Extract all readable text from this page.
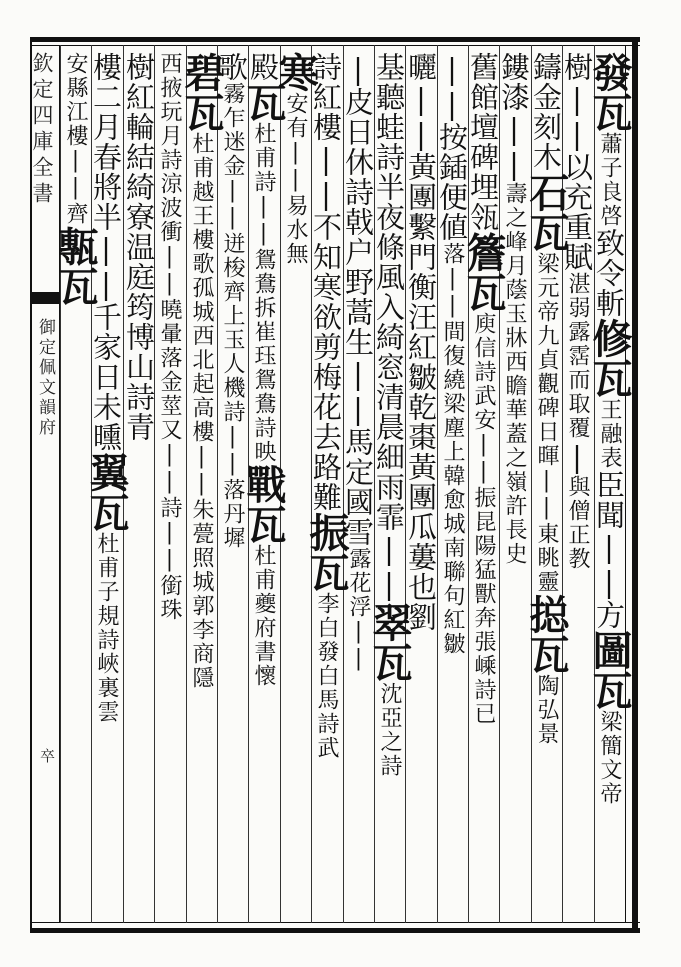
欽定四庫全書
御定佩文韻府
卒
發瓦蕭子良啓致令斬修瓦王融表臣聞||方圖瓦梁簡文帝
樹||以充重賦湛弱露霑而取覆|與僧正教
鑄金刻木石瓦梁元帝九貞觀碑日暉||東眺靈搃瓦陶弘景
鏤漆||壽之峰月蔭玉牀西瞻華蓋之嶺許長史
舊館壇碑埋瓴簷瓦庾信詩武安||振昆陽猛獸奔張嵊詩已
||按鍤便値落||間復繞梁塵上韓愈城南聯句紅皺
曬||黃團繫門衡汪紅皺乾棗黃團瓜蔞也劉
基聽蛙詩半夜條風入綺窓清晨細雨霏||翠瓦沈亞之詩
|皮日休詩戟户野蒿生||馬定國雪露花浮||
詩紅樓||不知寒欲剪梅花去路難振瓦李白發白馬詩武
寒安有||易水無
殿瓦杜甫詩||鴛鴦拆崔珏鴛鴦詩映戰瓦杜甫夔府書懷
歌霧乍迷金||迸梭齊上玉人機詩||落丹墀
碧瓦杜甫越王樓歌孤城西北起高樓||朱甍照城郭李商隱
西掖玩月詩涼波衝||曉暈落金莖又||詩||銜珠
樹紅輪結綺寮温庭筠博山詩青
樓二月春將半||千家日未曛翼瓦杜甫子規詩峽裏雲
安縣江樓||齊甎瓦
